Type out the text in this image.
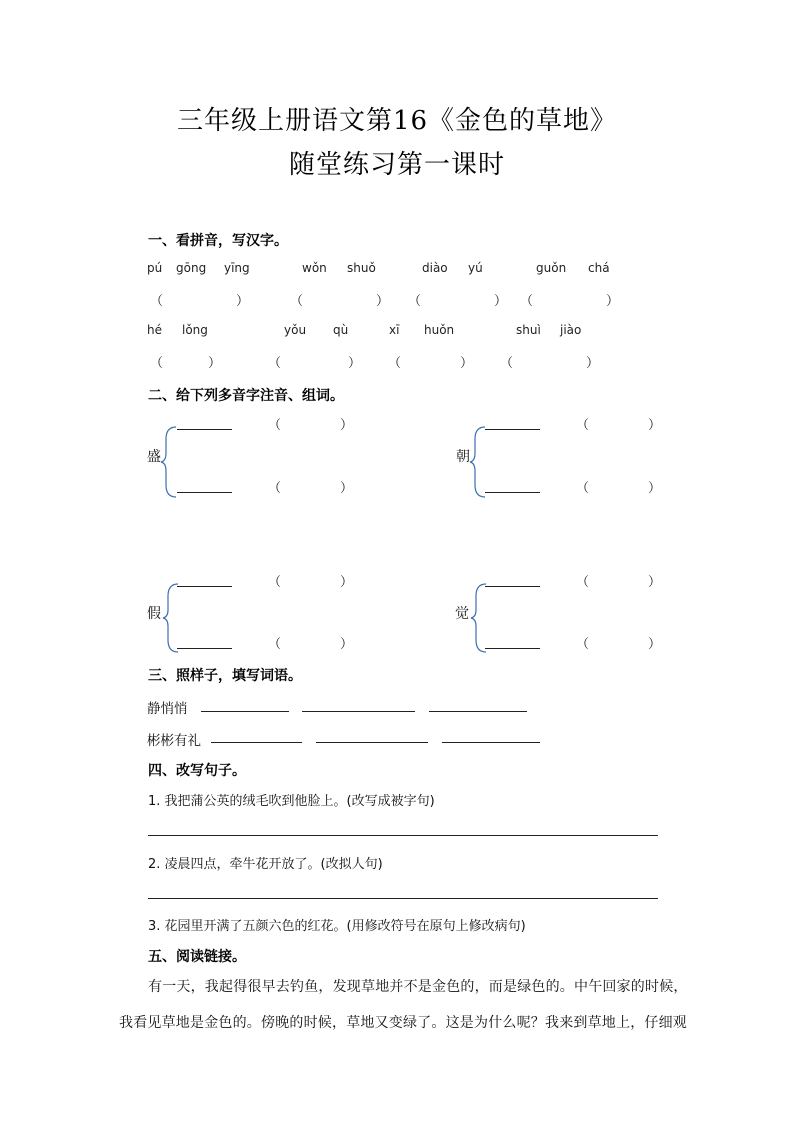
三年级上册语文第16《金色的草地》
随堂练习第一课时
一、看拼音，写汉字。
pú gōng yīng	wǒn shuǒ	diào yú	guǒn chá
（	）	（	） （	） （	）
hé lǒng	yǒu qù	xī huǒn	shuì jiào
（	）	（	） （	） （	）
二、给下列多音字注音、组词。
盛
（	）
（	）
朝
（	）
（	）
假
（	）
（	）
觉
（	）
（	）
三、照样子，填写词语。
静悄悄
彬彬有礼
四、改写句子。
1. 我把蒲公英的绒毛吹到他脸上。(改写成被字句)
2. 凌晨四点，牵牛花开放了。(改拟人句)
3. 花园里开满了五颜六色的红花。(用修改符号在原句上修改病句)
五、阅读链接。
有一天，我起得很早去钓鱼，发现草地并不是金色的，而是绿色的。中午回家的时候，
我看见草地是金色的。傍晚的时候，草地又变绿了。这是为什么呢？我来到草地上，仔细观
